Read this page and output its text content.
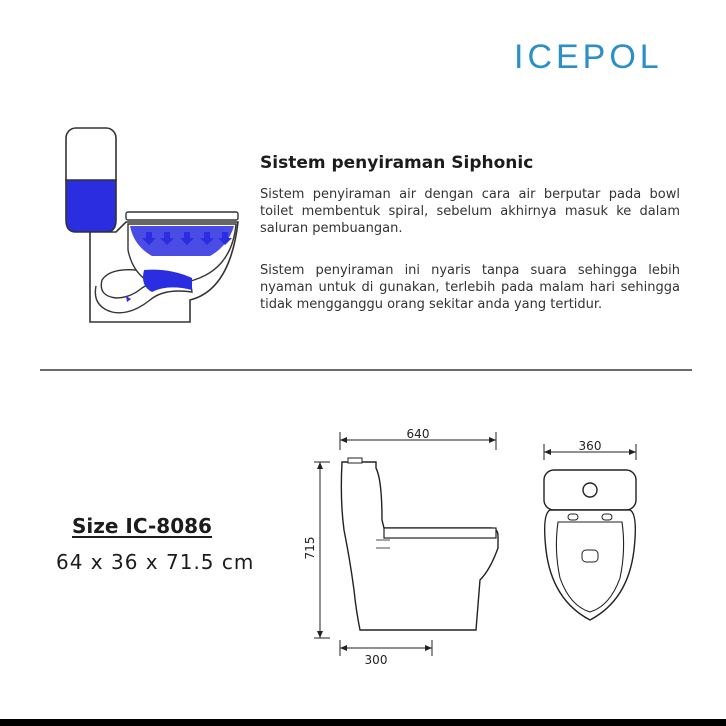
ICEPOL
Sistem penyiraman Siphonic
Sistem penyiraman air dengan cara air berputar pada bowl toilet membentuk spiral, sebelum akhirnya masuk ke dalam saluran pembuangan.
Sistem penyiraman ini nyaris tanpa suara sehingga lebih nyaman untuk di gunakan, terlebih pada malam hari sehingga tidak mengganggu orang sekitar anda yang tertidur.
Size IC-8086
64 x 36 x 71.5 cm
640
715
300
360
